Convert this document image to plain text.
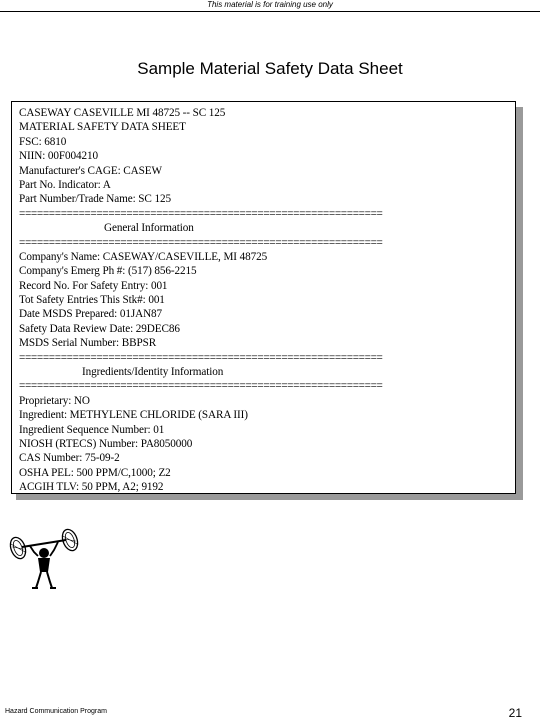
This material is for training use only
Sample Material Safety Data Sheet
CASEWAY CASEVILLE MI 48725 -- SC 125
MATERIAL SAFETY DATA SHEET
FSC: 6810
NIIN: 00F004210
Manufacturer's CAGE: CASEW
Part No. Indicator: A
Part Number/Trade Name: SC 125
=============================================================
General Information
=============================================================
Company's Name: CASEWAY/CASEVILLE, MI 48725
Company's Emerg Ph #: (517) 856-2215
Record No. For Safety Entry: 001
Tot Safety Entries This Stk#: 001
Date MSDS Prepared: 01JAN87
Safety Data Review Date: 29DEC86
MSDS Serial Number: BBPSR
=============================================================
Ingredients/Identity Information
=============================================================
Proprietary: NO
Ingredient: METHYLENE CHLORIDE (SARA III)
Ingredient Sequence Number: 01
NIOSH (RTECS) Number: PA8050000
CAS Number: 75-09-2
OSHA PEL: 500 PPM/C,1000; Z2
ACGIH TLV: 50 PPM, A2; 9192
Hazard Communication Program	21
